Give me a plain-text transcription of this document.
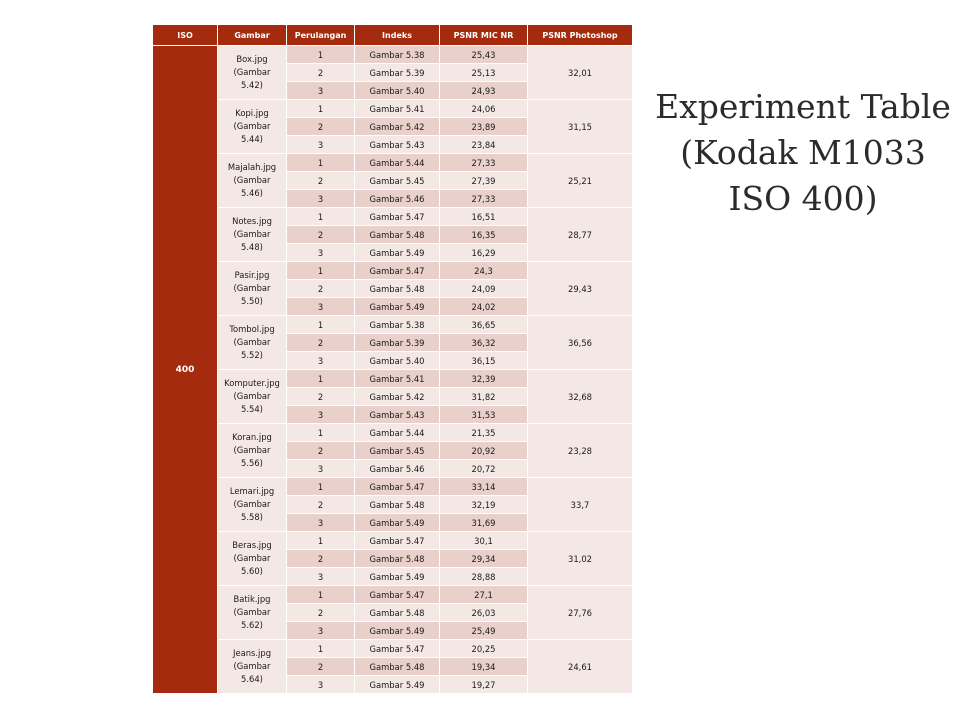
ISO	Gambar	Perulangan	Indeks	PSNR MIC NR	PSNR Photoshop
400	Box.jpg (Gambar 5.42)	1	Gambar 5.38	25,43	32,01
		2	Gambar 5.39	25,13	
		3	Gambar 5.40	24,93	
	Kopi.jpg (Gambar 5.44)	1	Gambar 5.41	24,06	31,15
		2	Gambar 5.42	23,89	
		3	Gambar 5.43	23,84	
	Majalah.jpg (Gambar 5.46)	1	Gambar 5.44	27,33	25,21
		2	Gambar 5.45	27,39	
		3	Gambar 5.46	27,33	
	Notes.jpg (Gambar 5.48)	1	Gambar 5.47	16,51	28,77
		2	Gambar 5.48	16,35	
		3	Gambar 5.49	16,29	
	Pasir.jpg (Gambar 5.50)	1	Gambar 5.47	24,3	29,43
		2	Gambar 5.48	24,09	
		3	Gambar 5.49	24,02	
	Tombol.jpg (Gambar 5.52)	1	Gambar 5.38	36,65	36,56
		2	Gambar 5.39	36,32	
		3	Gambar 5.40	36,15	
	Komputer.jpg (Gambar 5.54)	1	Gambar 5.41	32,39	32,68
		2	Gambar 5.42	31,82	
		3	Gambar 5.43	31,53	
	Koran.jpg (Gambar 5.56)	1	Gambar 5.44	21,35	23,28
		2	Gambar 5.45	20,92	
		3	Gambar 5.46	20,72	
	Lemari.jpg (Gambar 5.58)	1	Gambar 5.47	33,14	33,7
		2	Gambar 5.48	32,19	
		3	Gambar 5.49	31,69	
	Beras.jpg (Gambar 5.60)	1	Gambar 5.47	30,1	31,02
		2	Gambar 5.48	29,34	
		3	Gambar 5.49	28,88	
	Batik.jpg (Gambar 5.62)	1	Gambar 5.47	27,1	27,76
		2	Gambar 5.48	26,03	
		3	Gambar 5.49	25,49	
	Jeans.jpg (Gambar 5.64)	1	Gambar 5.47	20,25	24,61
		2	Gambar 5.48	19,34	
		3	Gambar 5.49	19,27	
Experiment Table (Kodak M1033 ISO 400)
